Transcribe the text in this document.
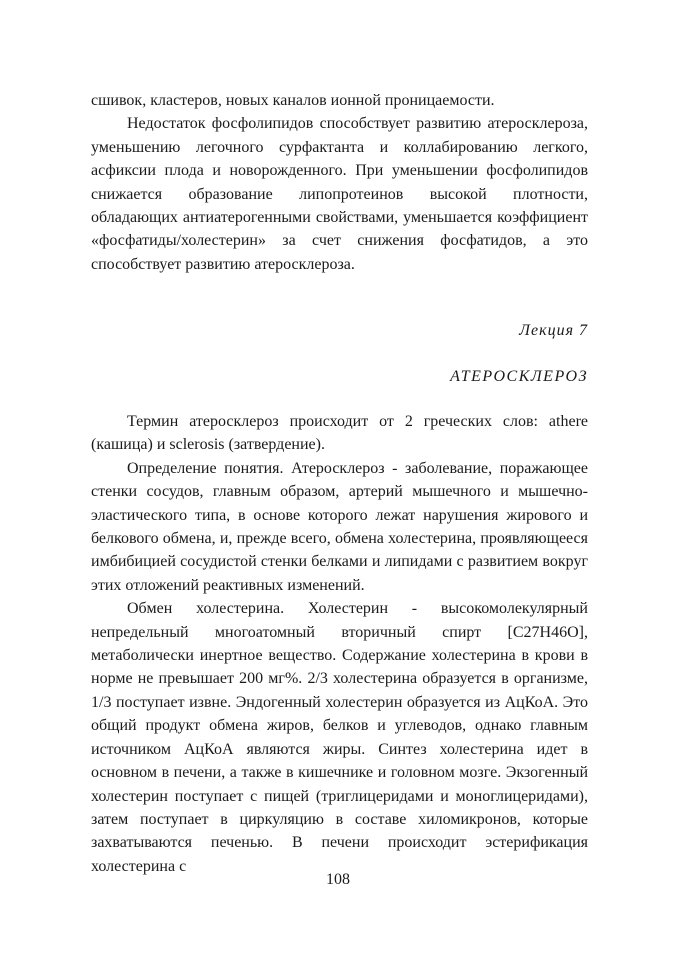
сшивок, кластеров, новых каналов ионной проницаемости.

Недостаток фосфолипидов способствует развитию атеросклероза, уменьшению легочного сурфактанта и коллабированию легкого, асфиксии плода и новорожденного. При уменьшении фосфолипидов снижается образование липопротеинов высокой плотности, обладающих антиатерогенными свойствами, уменьшается коэффициент «фосфатиды/холестерин» за счет снижения фосфатидов, а это способствует развитию атеросклероза.

Лекция 7
АТЕРОСКЛЕРОЗ

Термин атеросклероз происходит от 2 греческих слов: athere (кашица) и sclerosis (затвердение).

Определение понятия. Атеросклероз - заболевание, поражающее стенки сосудов, главным образом, артерий мышечного и мышечно-эластического типа, в основе которого лежат нарушения жирового и белкового обмена, и, прежде всего, обмена холестерина, проявляющееся имбибицией сосудистой стенки белками и липидами с развитием вокруг этих отложений реактивных изменений.

Обмен холестерина. Холестерин - высокомолекулярный непредельный многоатомный вторичный спирт [C27H46O], метаболически инертное вещество. Содержание холестерина в крови в норме не превышает 200 мг%. 2/3 холестерина образуется в организме, 1/3 поступает извне. Эндогенный холестерин образуется из АцКоА. Это общий продукт обмена жиров, белков и углеводов, однако главным источником АцКоА являются жиры. Синтез холестерина идет в основном в печени, а также в кишечнике и головном мозге. Экзогенный холестерин поступает с пищей (триглицеридами и моноглицеридами), затем поступает в циркуляцию в составе хиломикронов, которые захватываются печенью. В печени происходит эстерификация холестерина с

108
